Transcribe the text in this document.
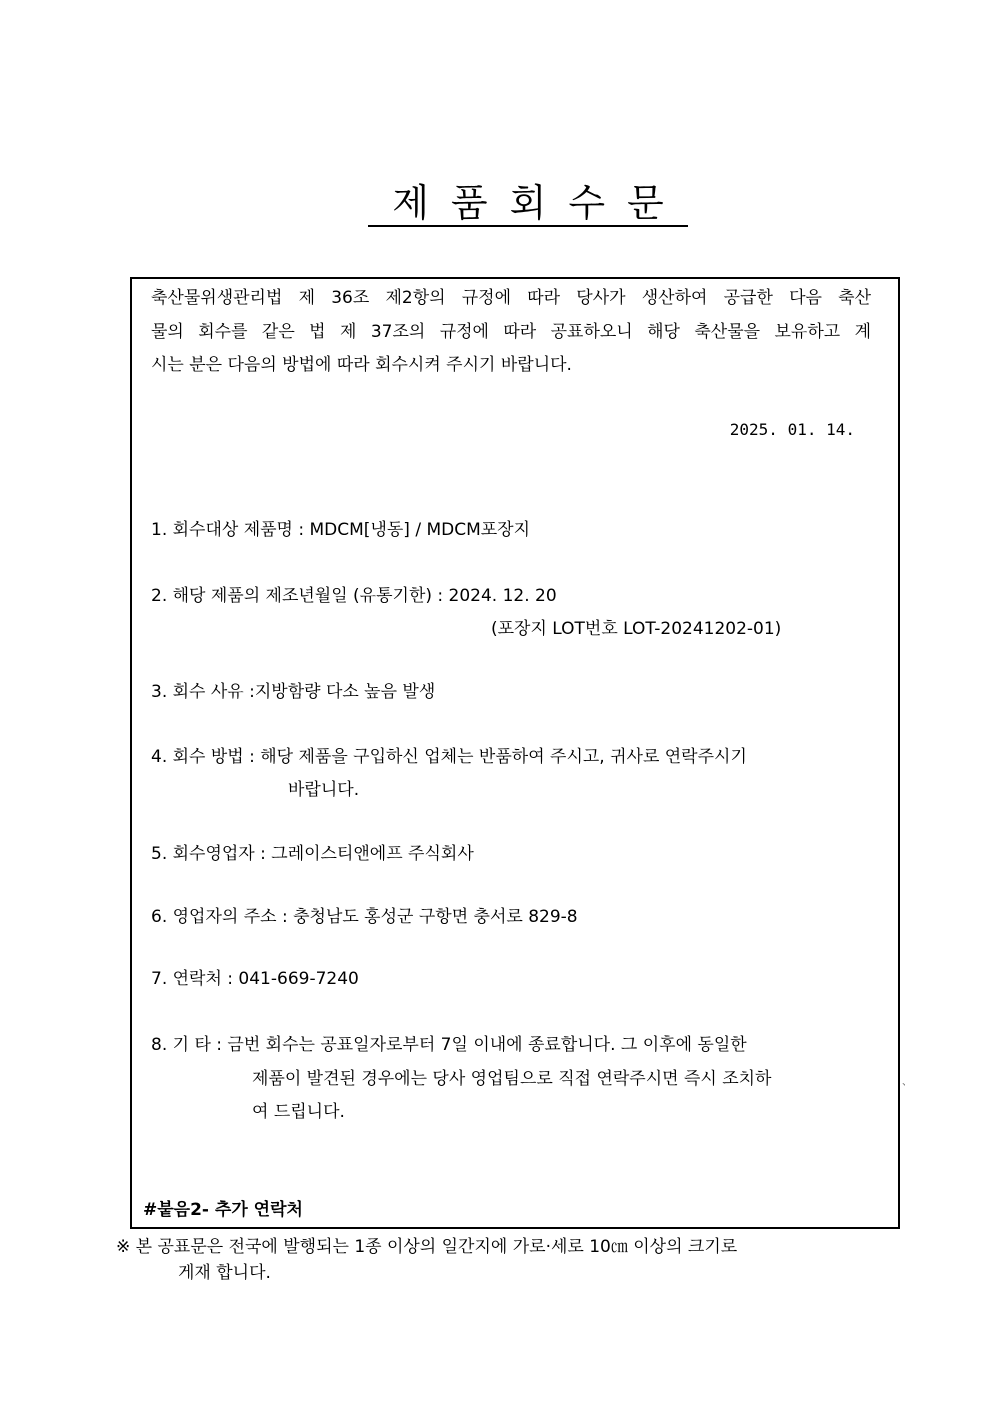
제품회수문
축산물위생관리법 제 36조 제2항의 규정에 따라 당사가 생산하여 공급한 다음 축산
물의 회수를 같은 법 제 37조의 규정에 따라 공표하오니 해당 축산물을 보유하고 계
시는 분은 다음의 방법에 따라 회수시켜 주시기 바랍니다.
2025. 01. 14.
1. 회수대상 제품명 : MDCM[냉동] / MDCM포장지
2. 해당 제품의 제조년월일 (유통기한) : 2024. 12. 20
(포장지 LOT번호 LOT-20241202-01)
3. 회수 사유 :지방함량 다소 높음 발생
4. 회수 방법 : 해당 제품을 구입하신 업체는 반품하여 주시고, 귀사로 연락주시기
바랍니다.
5. 회수영업자 : 그레이스티앤에프 주식회사
6. 영업자의 주소 : 충청남도 홍성군 구항면 충서로 829-8
7. 연락처 : 041-669-7240
8. 기 타 : 금번 회수는 공표일자로부터 7일 이내에 종료합니다. 그 이후에 동일한
제품이 발견된 경우에는 당사 영업팀으로 직접 연락주시면 즉시 조치하
여 드립니다.
#붙음2- 추가 연락처
※ 본 공표문은 전국에 발행되는 1종 이상의 일간지에 가로·세로 10㎝ 이상의 크기로
게재 합니다.
、
